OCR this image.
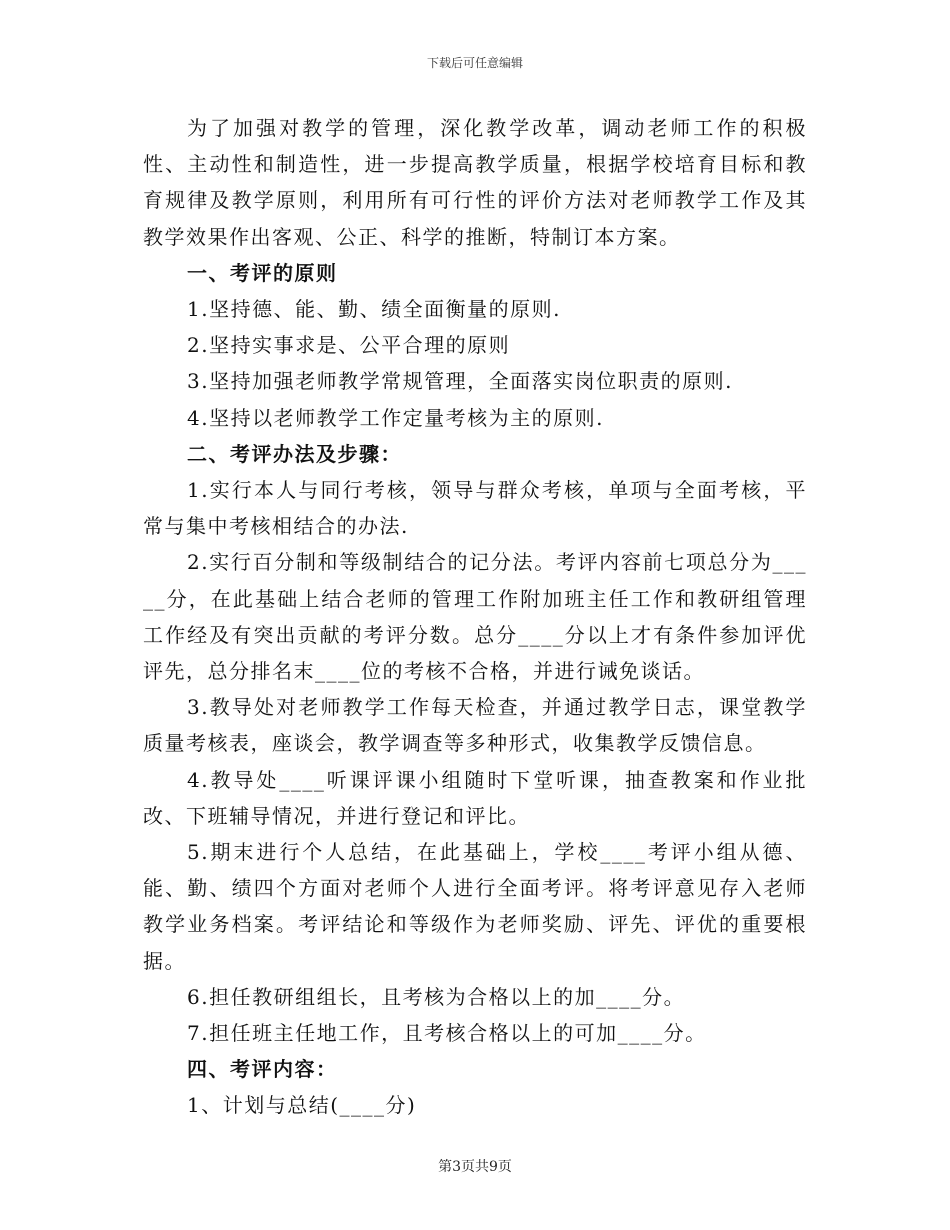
下载后可任意编辑

为了加强对教学的管理，深化教学改革，调动老师工作的积极性、主动性和制造性，进一步提高教学质量，根据学校培育目标和教育规律及教学原则，利用所有可行性的评价方法对老师教学工作及其教学效果作出客观、公正、科学的推断，特制订本方案。

一、考评的原则

1.坚持德、能、勤、绩全面衡量的原则.

2.坚持实事求是、公平合理的原则

3.坚持加强老师教学常规管理，全面落实岗位职责的原则.

4.坚持以老师教学工作定量考核为主的原则.

二、考评办法及步骤：

1.实行本人与同行考核，领导与群众考核，单项与全面考核，平常与集中考核相结合的办法.

2.实行百分制和等级制结合的记分法。考评内容前七项总分为_____分，在此基础上结合老师的管理工作附加班主任工作和教研组管理工作经及有突出贡献的考评分数。总分____分以上才有条件参加评优评先，总分排名末____位的考核不合格，并进行诫免谈话。

3.教导处对老师教学工作每天检查，并通过教学日志，课堂教学质量考核表，座谈会，教学调查等多种形式，收集教学反馈信息。

4.教导处____听课评课小组随时下堂听课，抽查教案和作业批改、下班辅导情况，并进行登记和评比。

5.期末进行个人总结，在此基础上，学校____考评小组从德、能、勤、绩四个方面对老师个人进行全面考评。将考评意见存入老师教学业务档案。考评结论和等级作为老师奖励、评先、评优的重要根据。

6.担任教研组组长，且考核为合格以上的加____分。

7.担任班主任地工作，且考核合格以上的可加____分。

四、考评内容：

1、计划与总结(____分)

第3页共9页
